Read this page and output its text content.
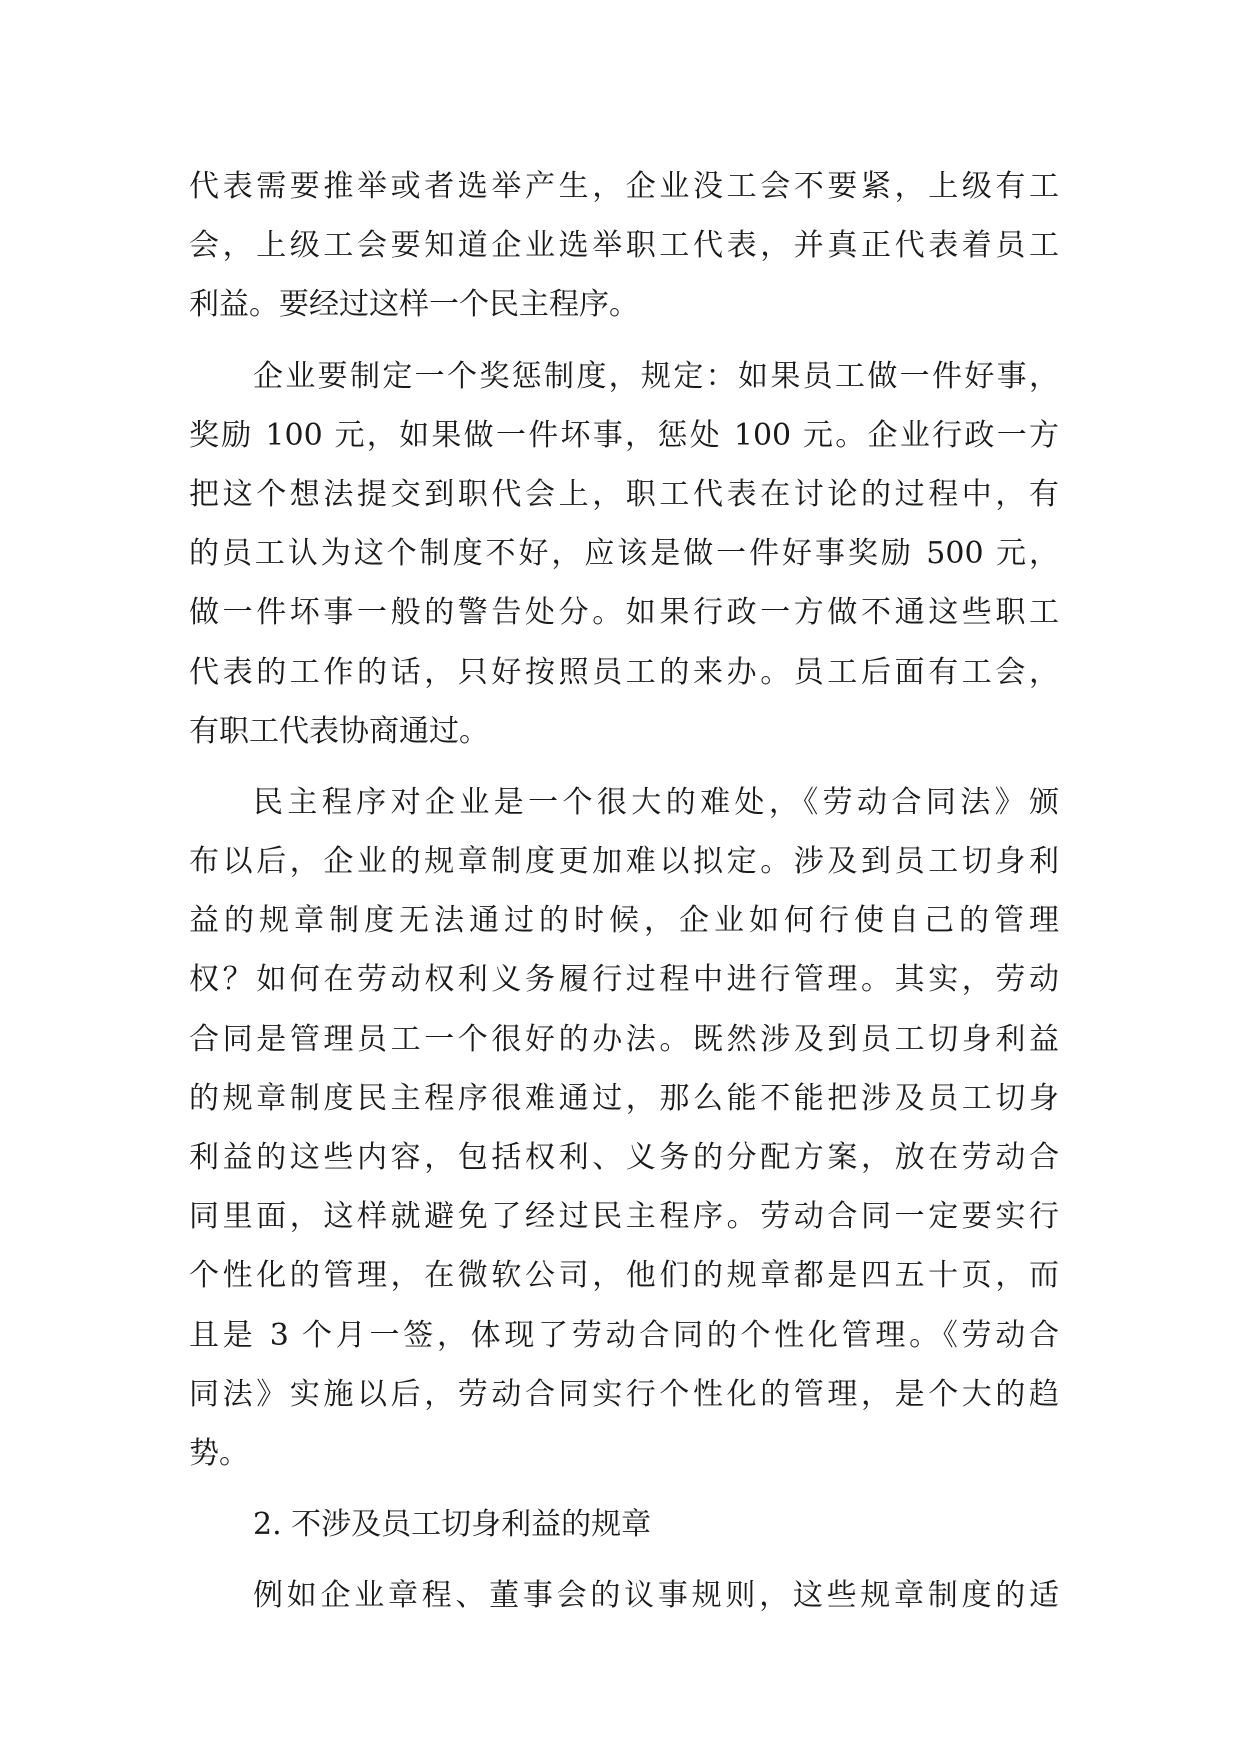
代表需要推举或者选举产生，企业没工会不要紧，上级有工
会，上级工会要知道企业选举职工代表，并真正代表着员工
利益。要经过这样一个民主程序。
企业要制定一个奖惩制度，规定：如果员工做一件好事，
奖励 100 元，如果做一件坏事，惩处 100 元。企业行政一方
把这个想法提交到职代会上，职工代表在讨论的过程中，有
的员工认为这个制度不好，应该是做一件好事奖励 500 元，
做一件坏事一般的警告处分。如果行政一方做不通这些职工
代表的工作的话，只好按照员工的来办。员工后面有工会，
有职工代表协商通过。
民主程序对企业是一个很大的难处，《劳动合同法》颁
布以后，企业的规章制度更加难以拟定。涉及到员工切身利
益的规章制度无法通过的时候，企业如何行使自己的管理
权？如何在劳动权利义务履行过程中进行管理。其实，劳动
合同是管理员工一个很好的办法。既然涉及到员工切身利益
的规章制度民主程序很难通过，那么能不能把涉及员工切身
利益的这些内容，包括权利、义务的分配方案，放在劳动合
同里面，这样就避免了经过民主程序。劳动合同一定要实行
个性化的管理，在微软公司，他们的规章都是四五十页，而
且是 3 个月一签，体现了劳动合同的个性化管理。《劳动合
同法》实施以后，劳动合同实行个性化的管理，是个大的趋
势。
2. 不涉及员工切身利益的规章
例如企业章程、董事会的议事规则，这些规章制度的适
